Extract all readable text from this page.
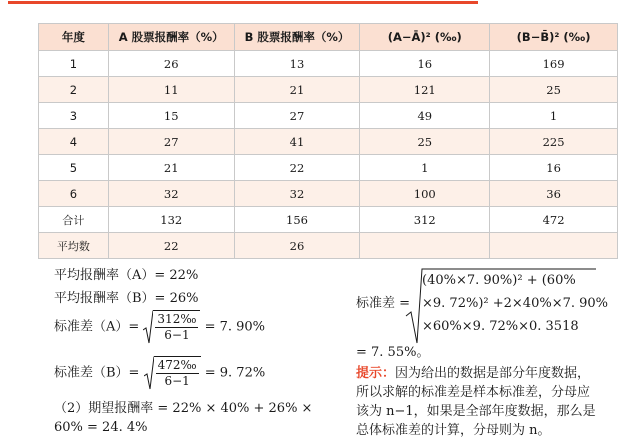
年度	A 股票报酬率（%）	B 股票报酬率（%）	(A−Ā)² (‰)	(B−B̄)² (‰)
1	26	13	16	169
2	11	21	121	25
3	15	27	49	1
4	27	41	25	225
5	21	22	1	16
6	32	32	100	36
合计	132	156	312	472
平均数	22	26		
平均报酬率（A）= 22%
平均报酬率（B）= 26%
标准差$(A)= \frac{312‰}{6-1} = 7$. 90%
标准差$(B)= \frac{472‰}{6-1} = 9$. 72%
（2）期望报酬率 = 22% × 40% + 26% ×
60% = 24. 4%
标准差 =
(40%×7. 90%)² + (60%
×9. 72%)² +2×40%×7. 90%
×60%×9. 72%×0. 3518
= 7. 55%。
提示：因为给出的数据是部分年度数据，
所以求解的标准差是样本标准差，分母应
该为 n−1，如果是全部年度数据，那么是
总体标准差的计算，分母则为 n。
